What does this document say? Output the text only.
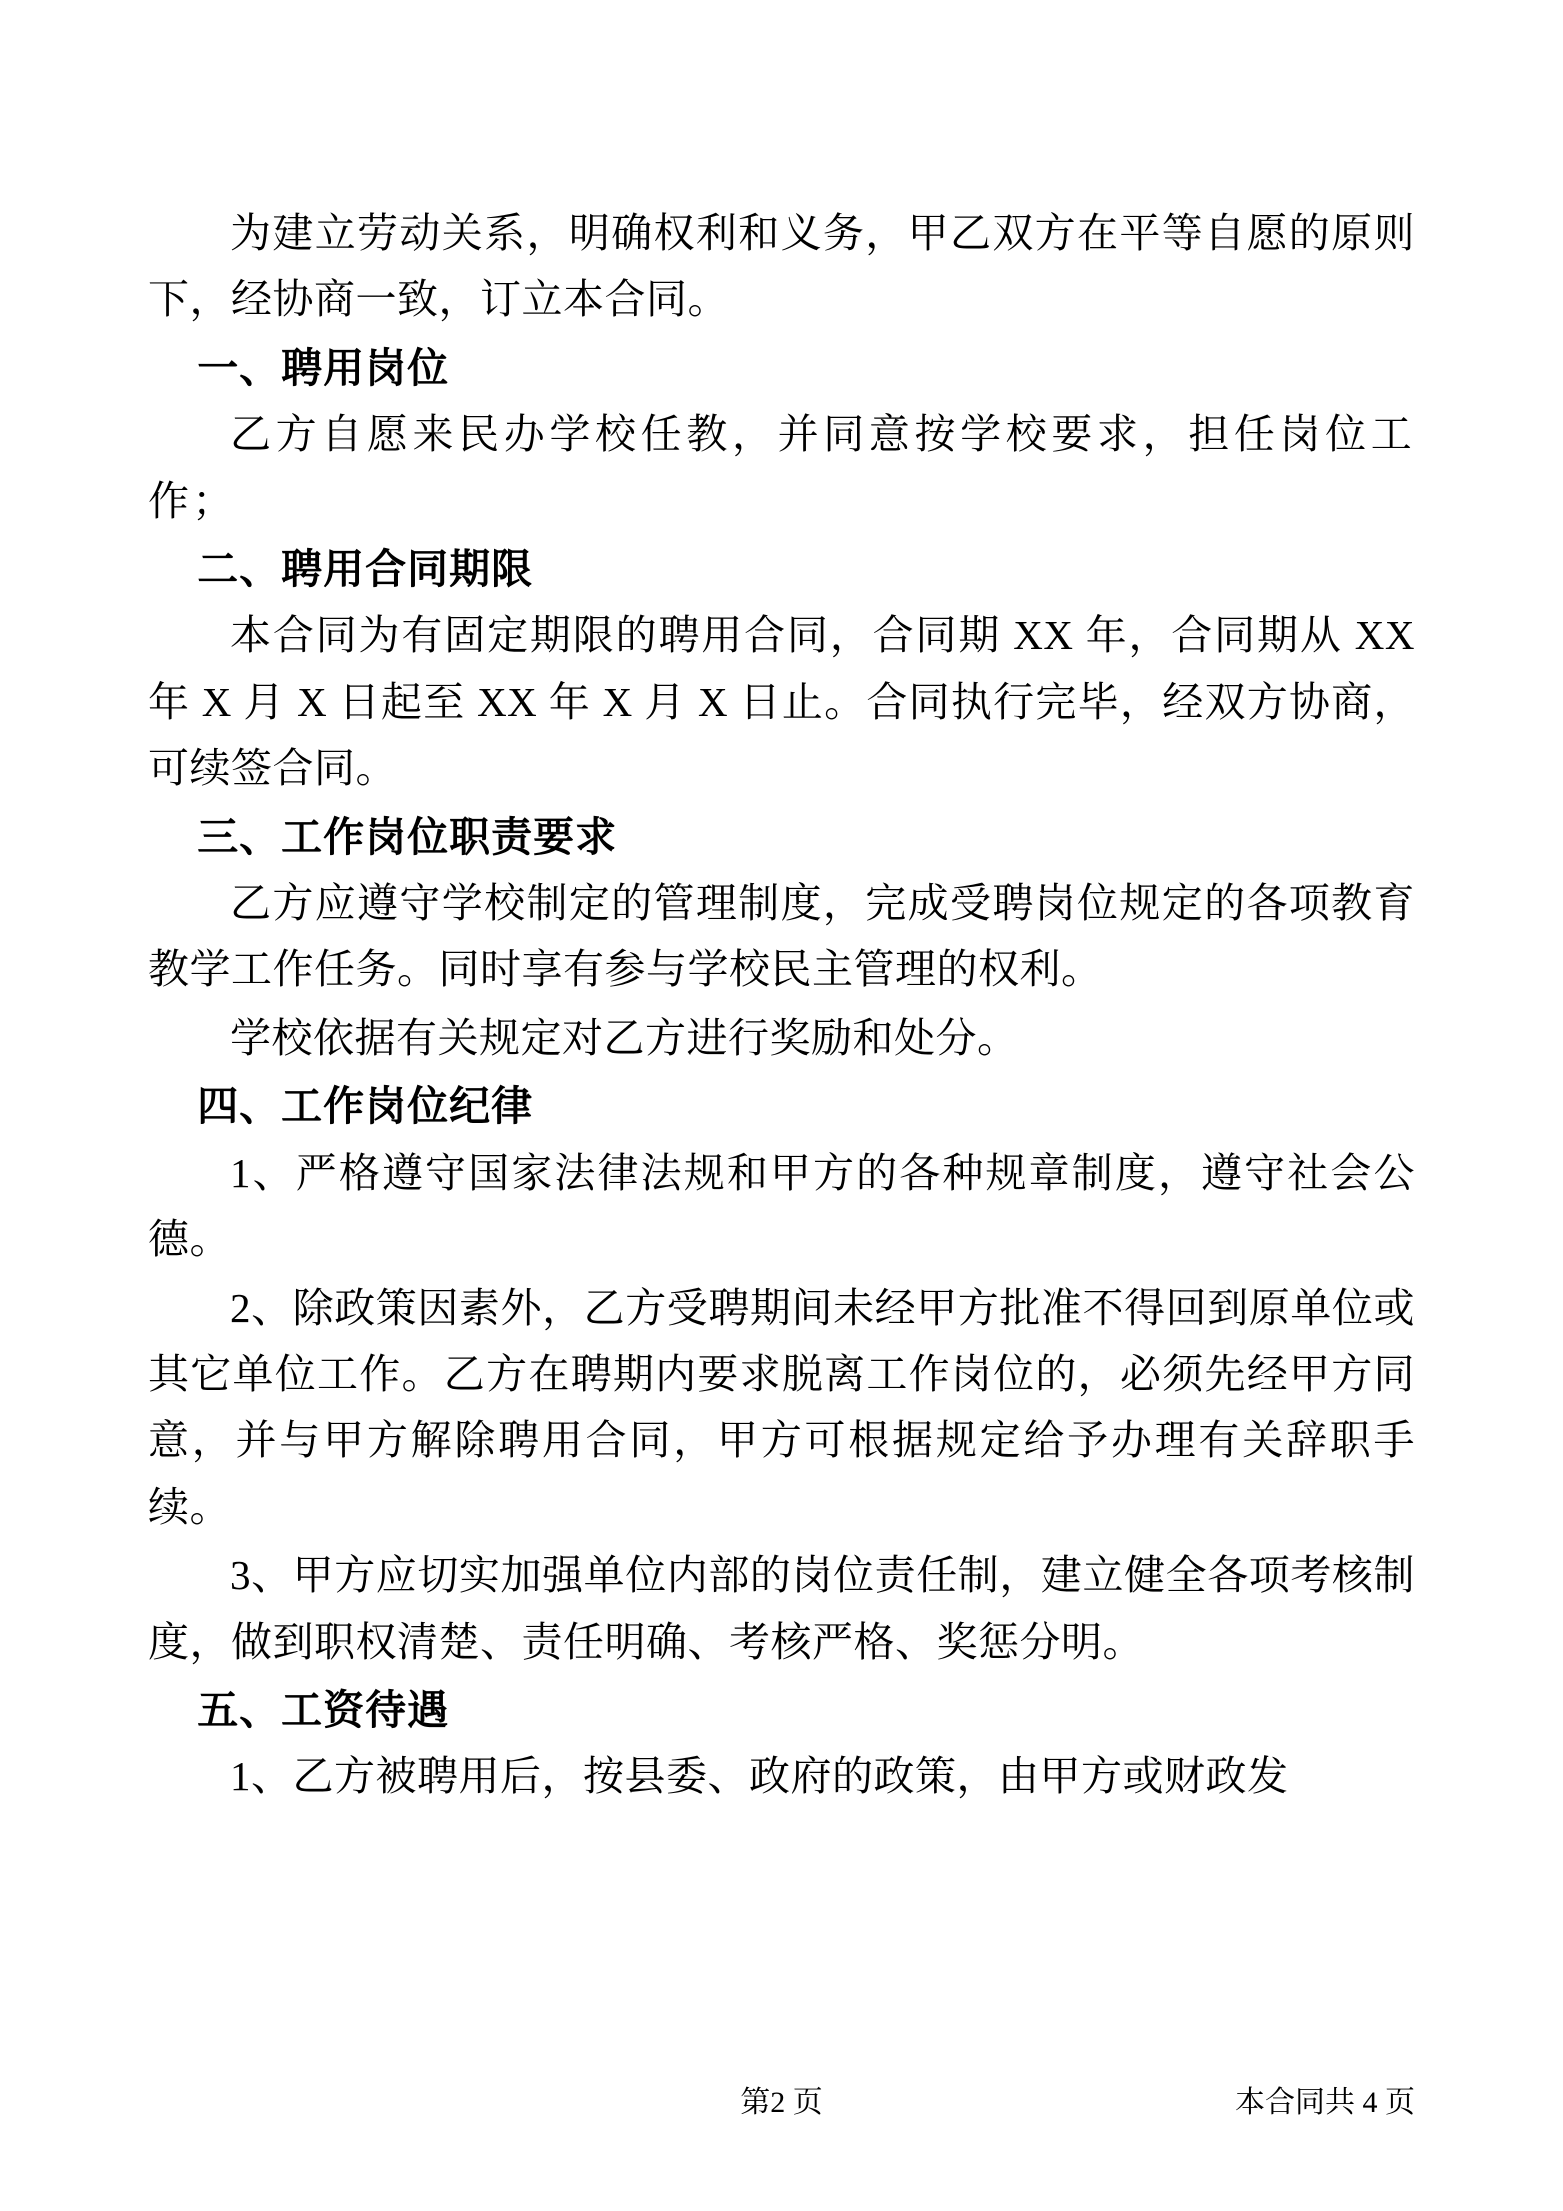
为建立劳动关系，明确权利和义务，甲乙双方在平等自愿的原则下，经协商一致，订立本合同。

一、聘用岗位

乙方自愿来民办学校任教，并同意按学校要求，担任岗位工作；

二、聘用合同期限

本合同为有固定期限的聘用合同，合同期 XX 年，合同期从 XX 年 X 月 X 日起至 XX 年 X 月 X 日止。合同执行完毕，经双方协商，可续签合同。

三、工作岗位职责要求

乙方应遵守学校制定的管理制度，完成受聘岗位规定的各项教育教学工作任务。同时享有参与学校民主管理的权利。

学校依据有关规定对乙方进行奖励和处分。

四、工作岗位纪律

1、严格遵守国家法律法规和甲方的各种规章制度，遵守社会公德。

2、除政策因素外，乙方受聘期间未经甲方批准不得回到原单位或其它单位工作。乙方在聘期内要求脱离工作岗位的，必须先经甲方同意，并与甲方解除聘用合同，甲方可根据规定给予办理有关辞职手续。

3、甲方应切实加强单位内部的岗位责任制，建立健全各项考核制度，做到职权清楚、责任明确、考核严格、奖惩分明。

五、工资待遇

1、乙方被聘用后，按县委、政府的政策，由甲方或财政发

第2 页	本合同共 4 页
